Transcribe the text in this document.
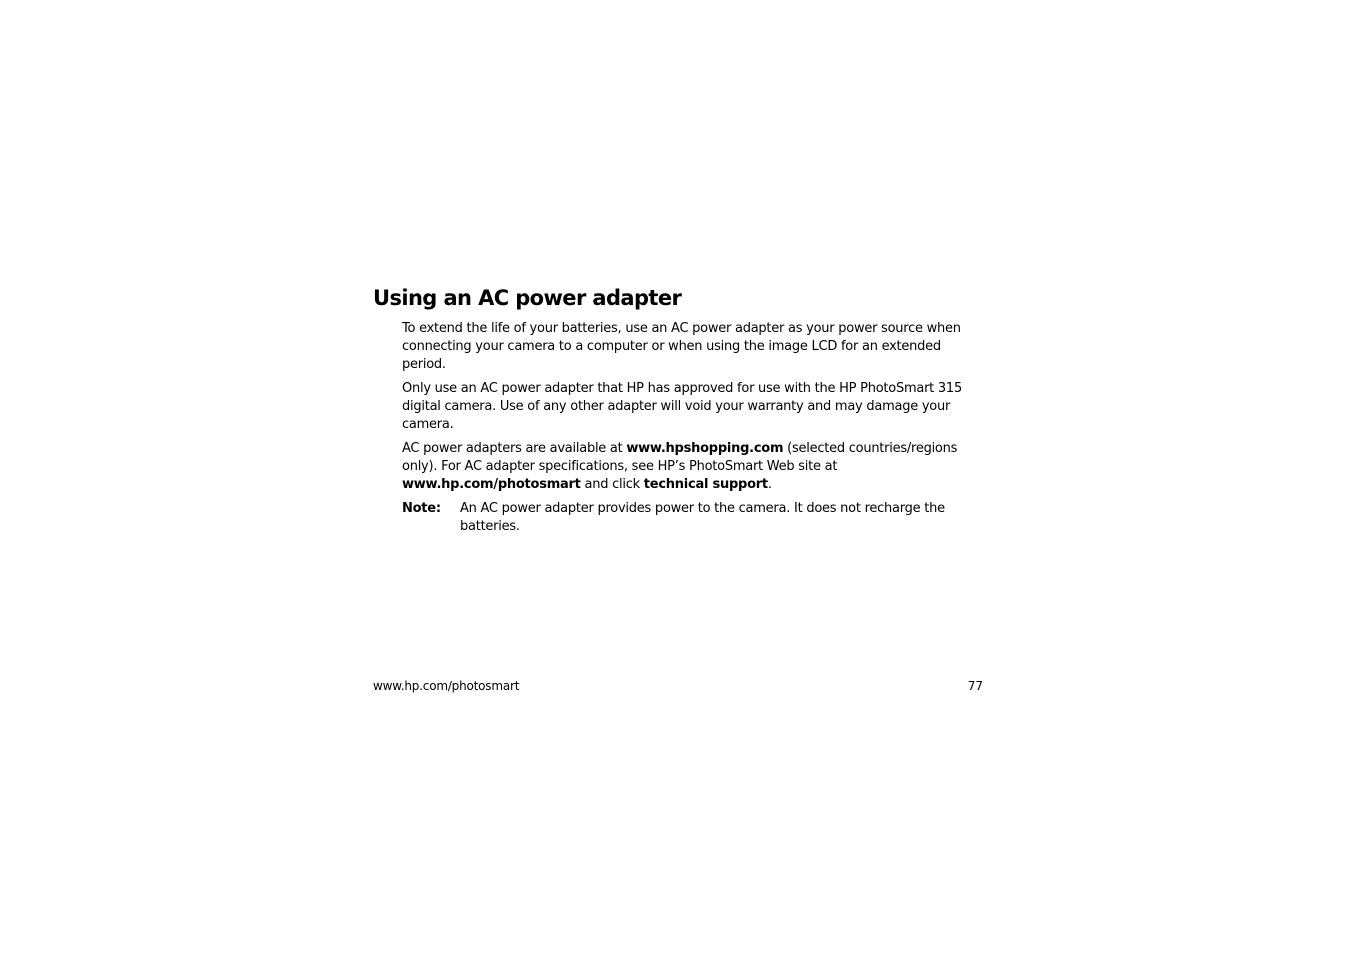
Using an AC power adapter

To extend the life of your batteries, use an AC power adapter as your power source when connecting your camera to a computer or when using the image LCD for an extended period.

Only use an AC power adapter that HP has approved for use with the HP PhotoSmart 315 digital camera. Use of any other adapter will void your warranty and may damage your camera.

AC power adapters are available at www.hpshopping.com (selected countries/regions only). For AC adapter specifications, see HP’s PhotoSmart Web site at
www.hp.com/photosmart and click technical support.

Note:	An AC power adapter provides power to the camera. It does not recharge the batteries.
www.hp.com/photosmart	77
